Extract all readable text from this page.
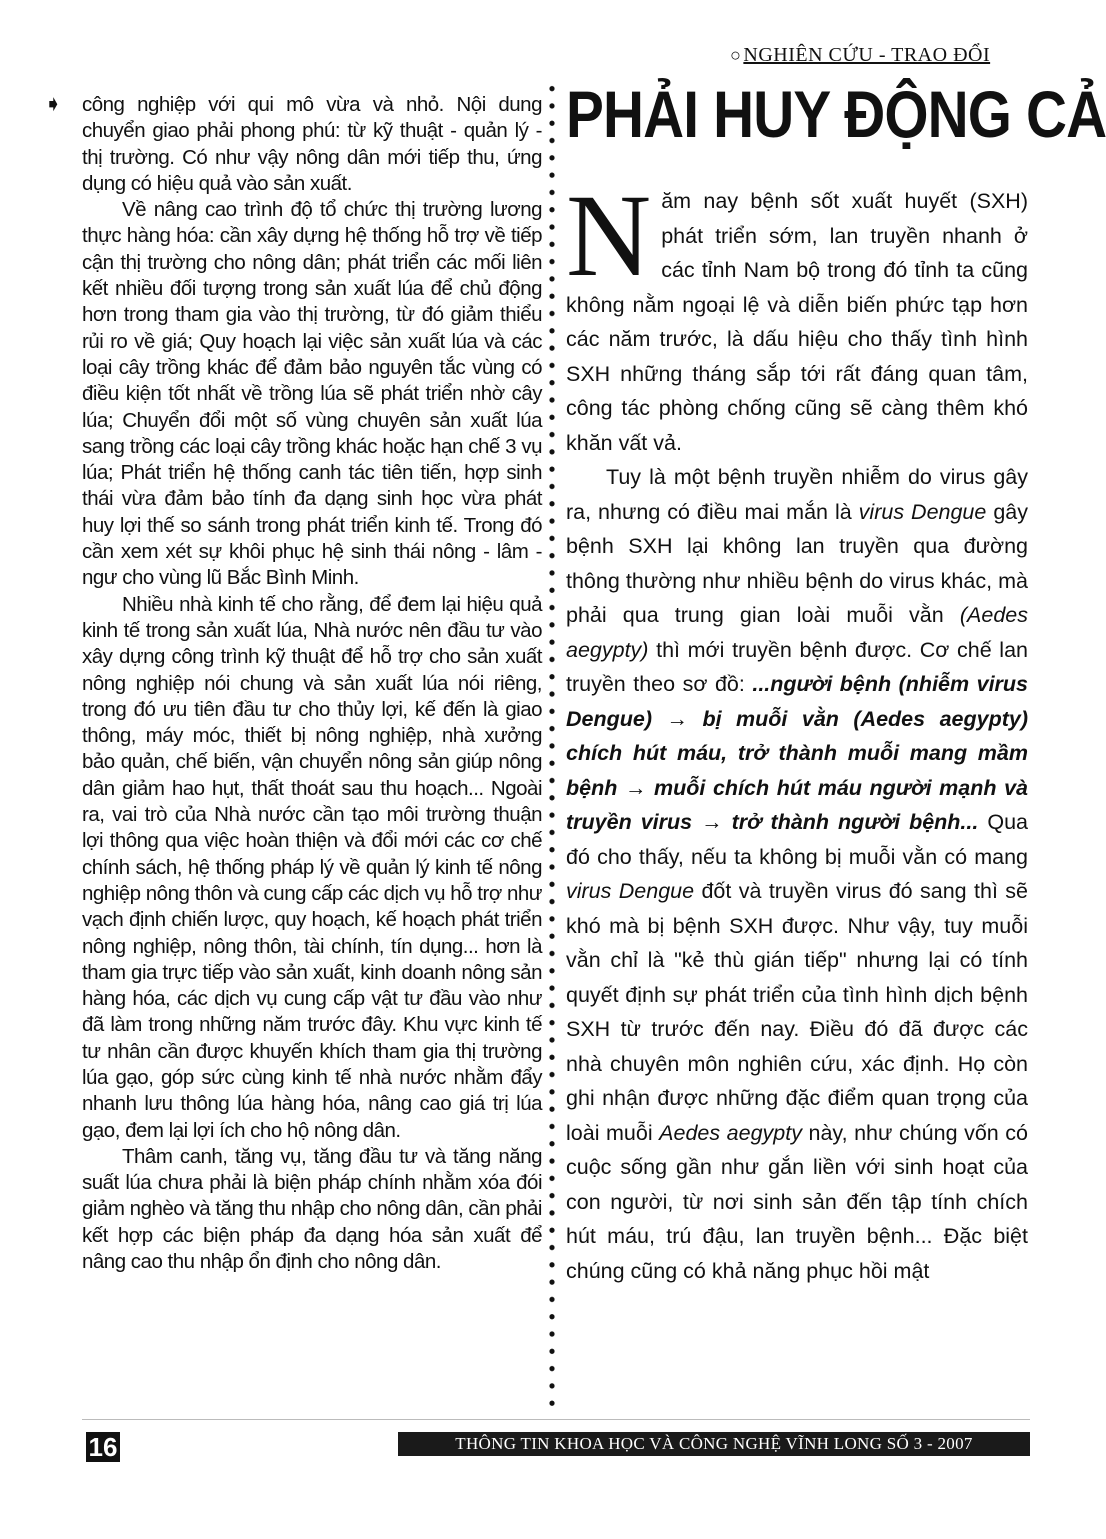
○ NGHIÊN CỨU - TRAO ĐỔI
➧ công nghiệp với qui mô vừa và nhỏ. Nội dung chuyển giao phải phong phú: từ kỹ thuật - quản lý - thị trường. Có như vậy nông dân mới tiếp thu, ứng dụng có hiệu quả vào sản xuất.

Về nâng cao trình độ tổ chức thị trường lương thực hàng hóa: cần xây dựng hệ thống hỗ trợ về tiếp cận thị trường cho nông dân; phát triển các mối liên kết nhiều đối tượng trong sản xuất lúa để chủ động hơn trong tham gia vào thị trường, từ đó giảm thiểu rủi ro về giá; Quy hoạch lại việc sản xuất lúa và các loại cây trồng khác để đảm bảo nguyên tắc vùng có điều kiện tốt nhất về trồng lúa sẽ phát triển nhờ cây lúa; Chuyển đổi một số vùng chuyên sản xuất lúa sang trồng các loại cây trồng khác hoặc hạn chế 3 vụ lúa; Phát triển hệ thống canh tác tiên tiến, hợp sinh thái vừa đảm bảo tính đa dạng sinh học vừa phát huy lợi thế so sánh trong phát triển kinh tế. Trong đó cần xem xét sự khôi phục hệ sinh thái nông - lâm - ngư cho vùng lũ Bắc Bình Minh.

Nhiều nhà kinh tế cho rằng, để đem lại hiệu quả kinh tế trong sản xuất lúa, Nhà nước nên đầu tư vào xây dựng công trình kỹ thuật để hỗ trợ cho sản xuất nông nghiệp nói chung và sản xuất lúa nói riêng, trong đó ưu tiên đầu tư cho thủy lợi, kế đến là giao thông, máy móc, thiết bị nông nghiệp, nhà xưởng bảo quản, chế biến, vận chuyển nông sản giúp nông dân giảm hao hụt, thất thoát sau thu hoạch... Ngoài ra, vai trò của Nhà nước cần tạo môi trường thuận lợi thông qua việc hoàn thiện và đổi mới các cơ chế chính sách, hệ thống pháp lý về quản lý kinh tế nông nghiệp nông thôn và cung cấp các dịch vụ hỗ trợ như vạch định chiến lược, quy hoạch, kế hoạch phát triển nông nghiệp, nông thôn, tài chính, tín dụng... hơn là tham gia trực tiếp vào sản xuất, kinh doanh nông sản hàng hóa, các dịch vụ cung cấp vật tư đầu vào như đã làm trong những năm trước đây. Khu vực kinh tế tư nhân cần được khuyến khích tham gia thị trường lúa gạo, góp sức cùng kinh tế nhà nước nhằm đẩy nhanh lưu thông lúa hàng hóa, nâng cao giá trị lúa gạo, đem lại lợi ích cho hộ nông dân.

Thâm canh, tăng vụ, tăng đầu tư và tăng năng suất lúa chưa phải là biện pháp chính nhằm xóa đói giảm nghèo và tăng thu nhập cho nông dân, cần phải kết hợp các biện pháp đa dạng hóa sản xuất để nâng cao thu nhập ổn định cho nông dân.

PHẢI HUY ĐỘNG CẢ

Năm nay bệnh sốt xuất huyết (SXH) phát triển sớm, lan truyền nhanh ở các tỉnh Nam bộ trong đó tỉnh ta cũng không nằm ngoại lệ và diễn biến phức tạp hơn các năm trước, là dấu hiệu cho thấy tình hình SXH những tháng sắp tới rất đáng quan tâm, công tác phòng chống cũng sẽ càng thêm khó khăn vất vả.

Tuy là một bệnh truyền nhiễm do virus gây ra, nhưng có điều mai mắn là virus Dengue gây bệnh SXH lại không lan truyền qua đường thông thường như nhiều bệnh do virus khác, mà phải qua trung gian loài muỗi vằn (Aedes aegypty) thì mới truyền bệnh được. Cơ chế lan truyền theo sơ đồ: ...người bệnh (nhiễm virus Dengue) → bị muỗi vằn (Aedes aegypty) chích hút máu, trở thành muỗi mang mầm bệnh → muỗi chích hút máu người mạnh và truyền virus → trở thành người bệnh... Qua đó cho thấy, nếu ta không bị muỗi vằn có mang virus Dengue đốt và truyền virus đó sang thì sẽ khó mà bị bệnh SXH được. Như vậy, tuy muỗi vằn chỉ là "kẻ thù gián tiếp" nhưng lại có tính quyết định sự phát triển của tình hình dịch bệnh SXH từ trước đến nay. Điều đó đã được các nhà chuyên môn nghiên cứu, xác định. Họ còn ghi nhận được những đặc điểm quan trọng của loài muỗi Aedes aegypty này, như chúng vốn có cuộc sống gần như gắn liền với sinh hoạt của con người, từ nơi sinh sản đến tập tính chích hút máu, trú đậu, lan truyền bệnh... Đặc biệt chúng cũng có khả năng phục hồi mật

16	THÔNG TIN KHOA HỌC VÀ CÔNG NGHỆ VĨNH LONG SỐ 3 - 2007
